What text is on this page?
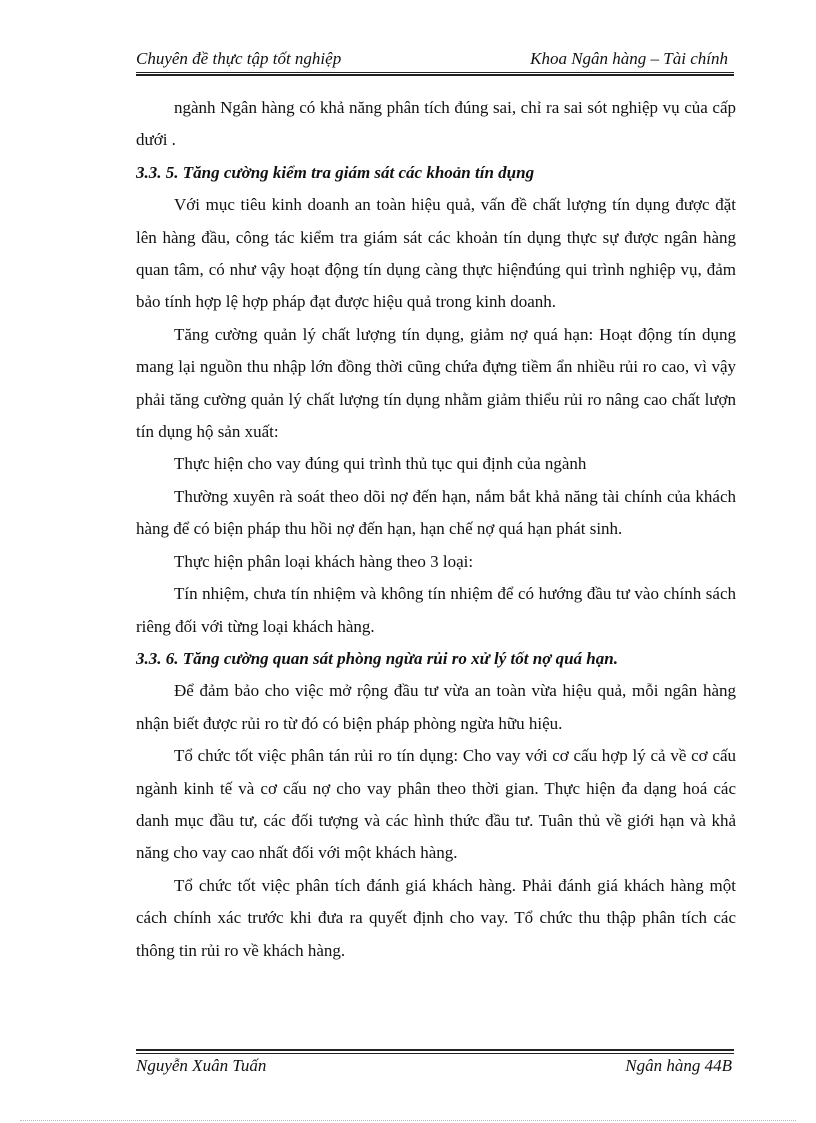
Chuyên đề thực tập tốt nghiệp	Khoa Ngân hàng – Tài chính

ngành Ngân hàng có khả năng phân tích đúng sai, chỉ ra sai sót nghiệp vụ của cấp dưới .

3.3. 5. Tăng cường kiểm tra giám sát các khoản tín dụng

Với mục tiêu kinh doanh an toàn hiệu quả, vấn đề chất lượng tín dụng được đặt lên hàng đầu, công tác kiểm tra giám sát các khoản tín dụng thực sự được ngân hàng quan tâm, có như vậy hoạt động tín dụng càng thực hiệnđúng qui trình nghiệp vụ, đảm bảo tính hợp lệ hợp pháp đạt được hiệu quả trong kinh doanh.

Tăng cường quản lý chất lượng tín dụng, giảm nợ quá hạn: Hoạt động tín dụng mang lại nguồn thu nhập lớn đồng thời cũng chứa đựng tiềm ẩn nhiều rủi ro cao, vì vậy phải tăng cường quản lý chất lượng tín dụng nhằm giảm thiểu rủi ro nâng cao chất lượn tín dụng hộ sản xuất:

Thực hiện cho vay đúng qui trình thủ tục qui định của ngành

Thường xuyên rà soát theo dõi nợ đến hạn, nắm bắt khả năng tài chính của khách hàng để có biện pháp thu hồi nợ đến hạn, hạn chế nợ quá hạn phát sinh.

Thực hiện phân loại khách hàng theo 3 loại:

Tín nhiệm, chưa tín nhiệm và không tín nhiệm để có hướng đầu tư vào chính sách riêng đối với từng loại khách hàng.

3.3. 6. Tăng cường quan sát phòng ngừa rủi ro xử lý tốt nợ quá hạn.

Để đảm bảo cho việc mở rộng đầu tư vừa an toàn vừa hiệu quả, mỗi ngân hàng nhận biết được rủi ro từ đó có biện pháp phòng ngừa hữu hiệu.

Tổ chức tốt việc phân tán rủi ro tín dụng: Cho vay với cơ cấu hợp lý cả về cơ cấu ngành kinh tế và cơ cấu nợ cho vay phân theo thời gian. Thực hiện đa dạng hoá các danh mục đầu tư, các đối tượng và các hình thức đầu tư. Tuân thủ về giới hạn và khả năng cho vay cao nhất đối với một khách hàng.

Tổ chức tốt việc phân tích đánh giá khách hàng. Phải đánh giá khách hàng một cách chính xác trước khi đưa ra quyết định cho vay. Tổ chức thu thập phân tích các thông tin rủi ro về khách hàng.

Nguyễn Xuân Tuấn	Ngân hàng 44B
